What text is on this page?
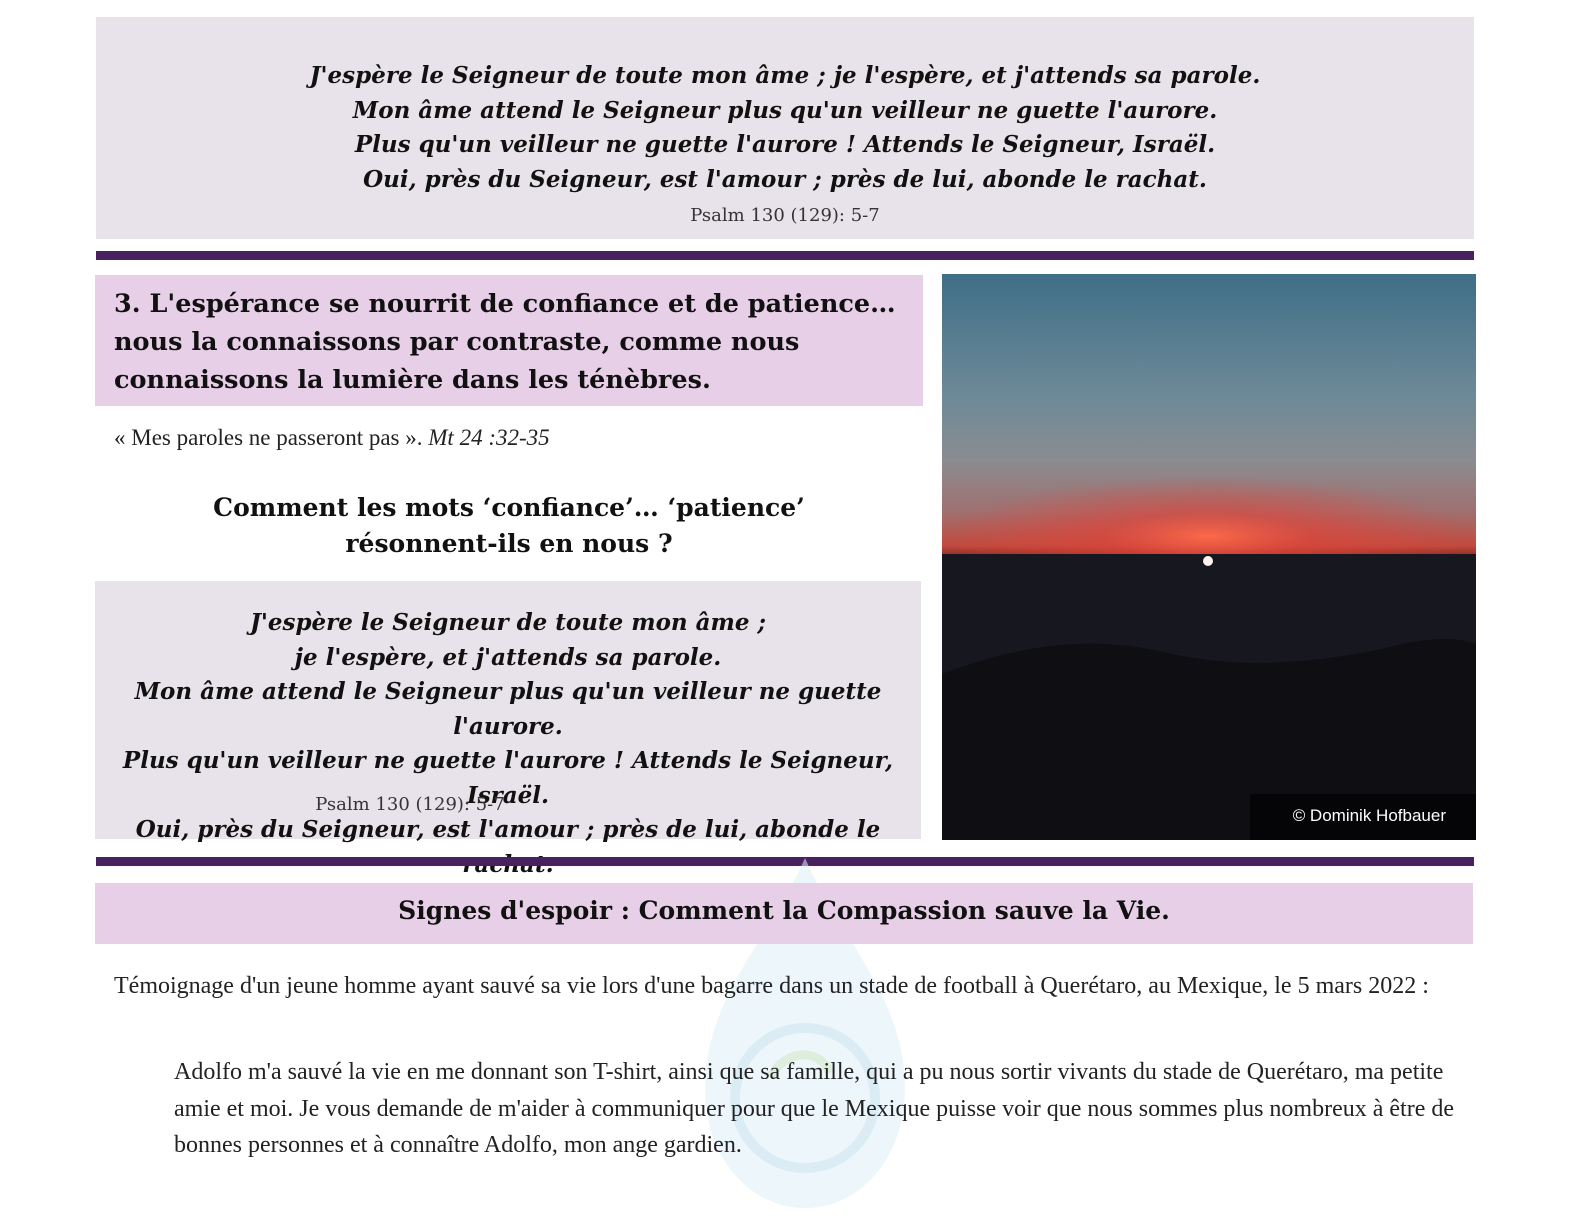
J'espère le Seigneur de toute mon âme ; je l'espère, et j'attends sa parole.
Mon âme attend le Seigneur plus qu'un veilleur ne guette l'aurore.
Plus qu'un veilleur ne guette l'aurore ! Attends le Seigneur, Israël.
Oui, près du Seigneur, est l'amour ; près de lui, abonde le rachat.
Psalm 130 (129): 5-7
3. L'espérance se nourrit de confiance et de patience…
nous la connaissons par contraste, comme nous
connaissons la lumière dans les ténèbres.
« Mes paroles ne passeront pas ». Mt 24 :32-35
Comment les mots ‘confiance’… ‘patience’
résonnent-ils en nous ?
J'espère le Seigneur de toute mon âme ;
je l'espère, et j'attends sa parole.
Mon âme attend le Seigneur plus qu'un veilleur ne guette l'aurore.
Plus qu'un veilleur ne guette l'aurore ! Attends le Seigneur, Israël.
Oui, près du Seigneur, est l'amour ; près de lui, abonde le
Psalm 130 (129): 5-7
© Dominik Hofbauer
Signes d'espoir : Comment la Compassion sauve la Vie.
Témoignage d'un jeune homme ayant sauvé sa vie lors d'une bagarre dans un stade de football à Querétaro, au Mexique, le 5 mars 2022 :
Adolfo m'a sauvé la vie en me donnant son T-shirt, ainsi que sa famille, qui a pu nous sortir vivants du stade de Querétaro, ma petite amie et moi. Je vous demande de m'aider à communiquer pour que le Mexique puisse voir que nous sommes plus nombreux à être de bonnes personnes et à connaître Adolfo, mon ange gardien.
